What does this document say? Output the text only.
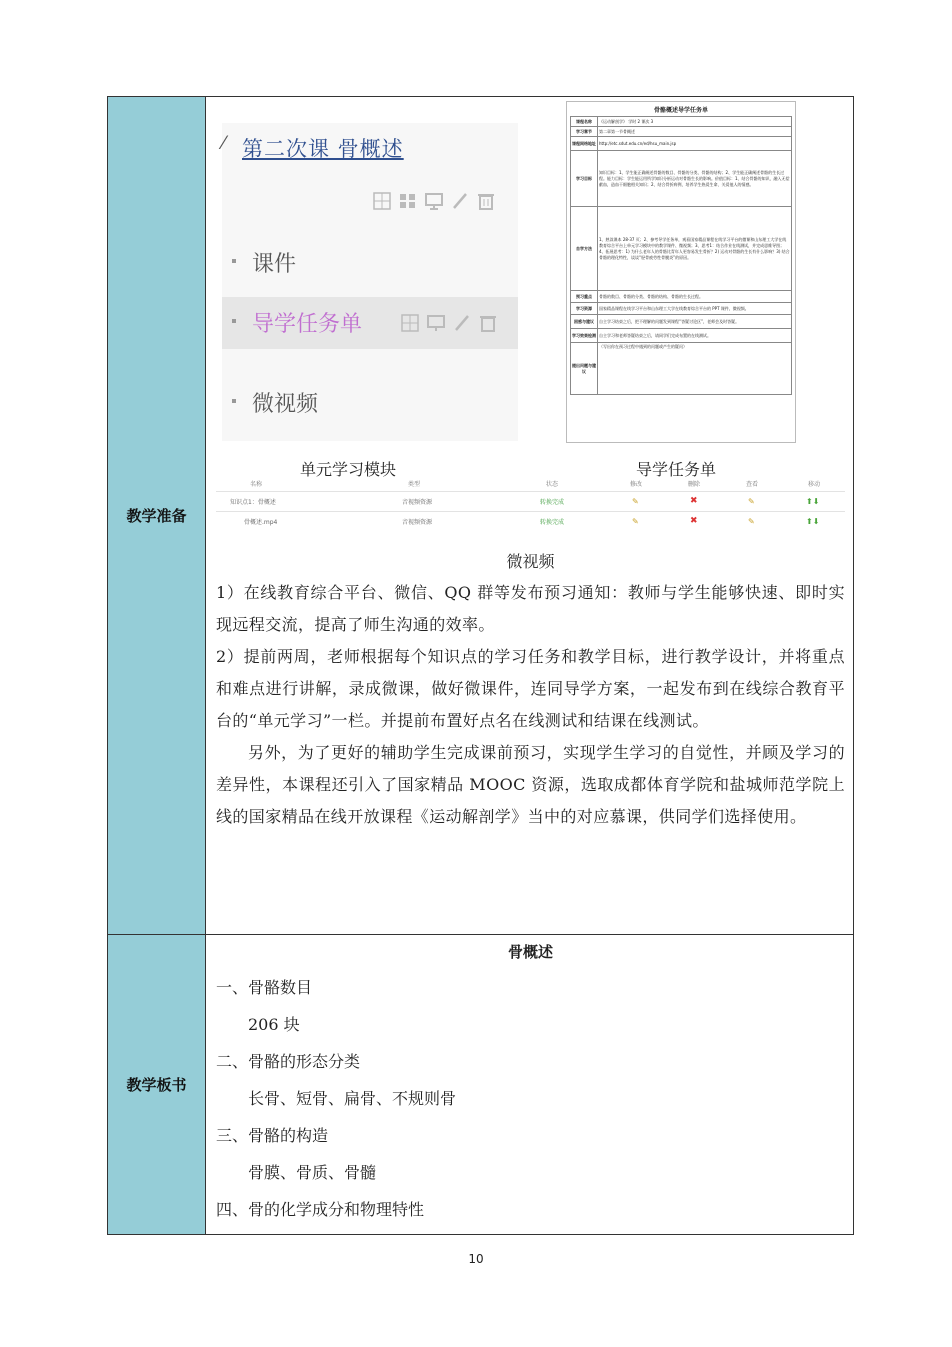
教学准备	
⁄ 第二次课 骨概述
课件
导学任务单
微视频
骨骼概述导学任务单
课程名称	《运动解剖学》 学时 2 课次 3
学习章节	第二章第一节骨概述
课程网络地址	http://etc.sdut.edu.cn/ed/hsu_main.jsp
学习目标	知识目标：1、学生能正确阐述骨骼的数目、骨骼的分类、骨骼的结构；2、学生能正确阐述骨骼的生长过程。能力目标：学生能运用所学知识分析运动对骨骼生长的影响。价值目标：1、结合骨骼的知识，融入无偿献血，造血干细胞相关知识；2、结合骨折病例，培养学生热爱生命、关爱他人的情感。
自学方法	1、熟读课本 28-37 页；2、参考导学任务单，观看国家精品课程在线学习平台的微课和山东理工大学在线教育综合平台上单元学习模块中的教学课件、微视频；3、思考1：结合作业在线测试，并完成思维导图；4、拓展思考：1) 为什么老年人的骨骼比青年人更容易发生骨折？2) 运动对骨骼的生长有什么影响？3) 结合骨骼的理化特性，谈谈“胫骨疲劳性骨膜炎”的原因。
预习重点	骨骼的数目、骨骼的分类、骨骼的结构、骨骼的生长过程。
学习资源	国家精品课程在线学习平台和山东理工大学在线教育综合平台的 PPT 课件、微视频。
困惑与建议	自主学习结束之后，把不理解的问题发到课程“答疑讨论区”，老师会及时答疑。
学习效果检测	自主学习和老师答疑结束之后，请同学们完成布置的在线测试。
提出问题与建议	（写出你在预习过程中遇到的问题或产生的疑问）
单元学习模块	导学任务单
名称	类型	状态	修改	删除	查看	移动
知识点1：骨概述	音视频资源	转换完成	✎	✖	✎	⬆⬇
骨概述.mp4	音视频资源	转换完成	✎	✖	✎	⬆⬇
微视频

1）在线教育综合平台、微信、QQ 群等发布预习通知：教师与学生能够快速、即时实现远程交流，提高了师生沟通的效率。

2）提前两周，老师根据每个知识点的学习任务和教学目标，进行教学设计，并将重点和难点进行讲解，录成微课，做好微课件，连同导学方案，一起发布到在线综合教育平台的“单元学习”一栏。并提前布置好点名在线测试和结课在线测试。

另外，为了更好的辅助学生完成课前预习，实现学生学习的自觉性，并顾及学习的差异性，本课程还引入了国家精品 MOOC 资源，选取成都体育学院和盐城师范学院上线的国家精品在线开放课程《运动解剖学》当中的对应慕课，供同学们选择使用。

教学板书	
骨概述

一、骨骼数目

206 块

二、骨骼的形态分类

长骨、短骨、扁骨、不规则骨

三、骨骼的构造

骨膜、骨质、骨髓

四、骨的化学成分和物理特性

10
